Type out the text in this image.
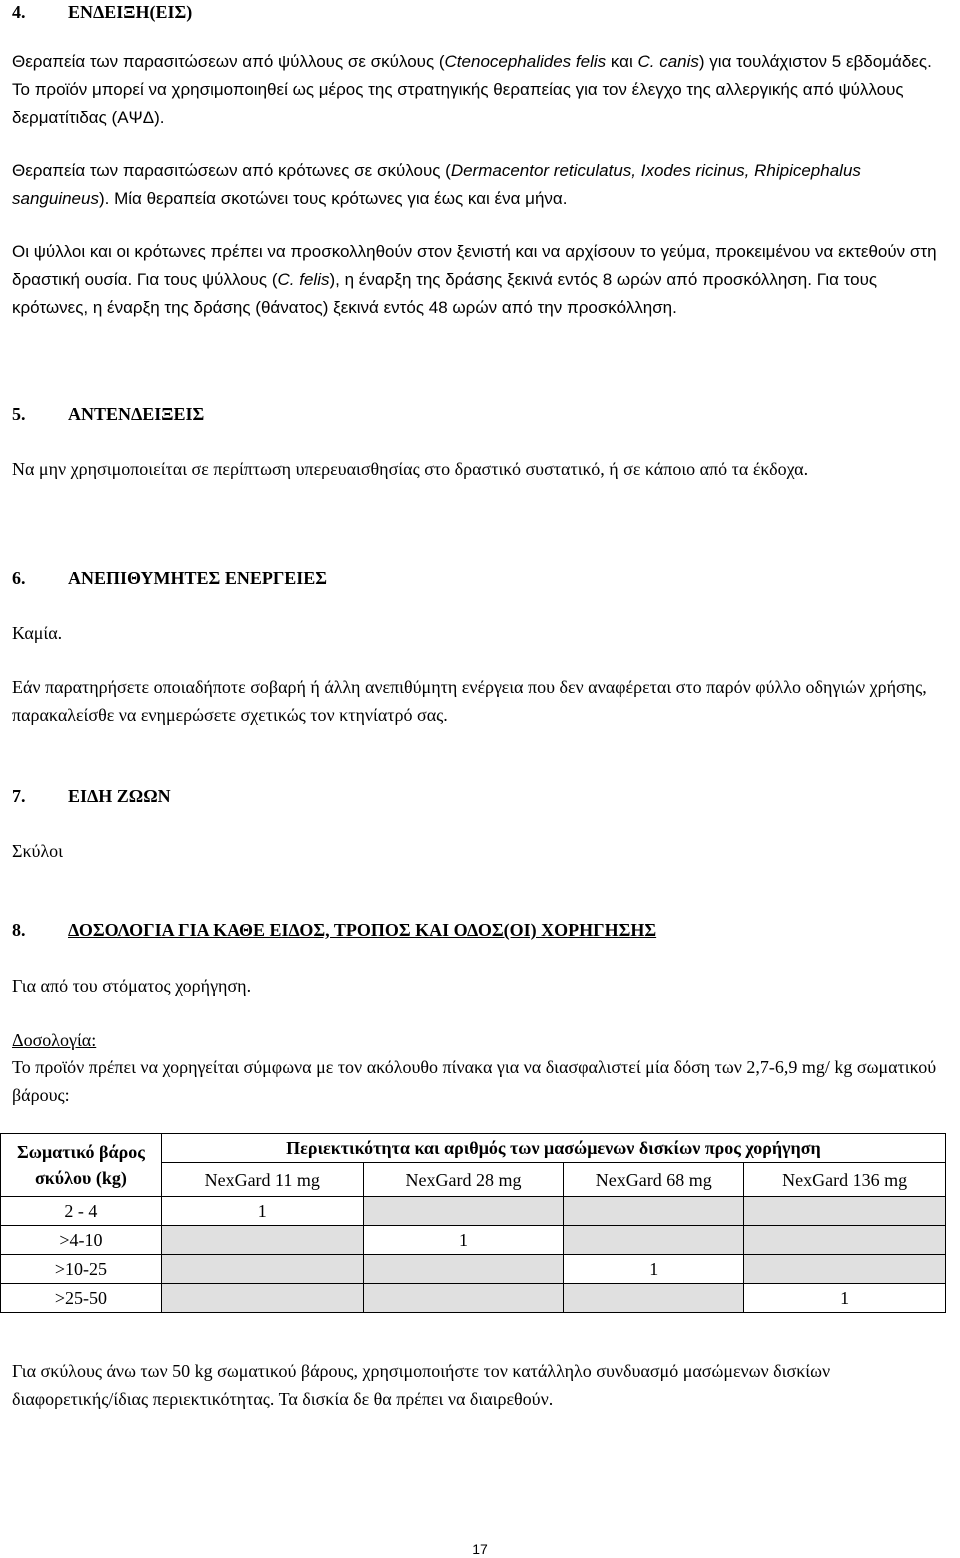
4. ΕΝΔΕΙΞΗ(ΕΙΣ)

Θεραπεία των παρασιτώσεων από ψύλλους σε σκύλους (Ctenocephalides felis και C. canis) για τουλάχιστον 5 εβδομάδες. Το προϊόν μπορεί να χρησιμοποιηθεί ως μέρος της στρατηγικής θεραπείας για τον έλεγχο της αλλεργικής από ψύλλους δερματίτιδας (ΑΨΔ).

Θεραπεία των παρασιτώσεων από κρότωνες σε σκύλους (Dermacentor reticulatus, Ixodes ricinus, Rhipicephalus sanguineus). Μία θεραπεία σκοτώνει τους κρότωνες για έως και ένα μήνα.

Οι ψύλλοι και οι κρότωνες πρέπει να προσκολληθούν στον ξενιστή και να αρχίσουν το γεύμα, προκειμένου να εκτεθούν στη δραστική ουσία. Για τους ψύλλους (C. felis), η έναρξη της δράσης ξεκινά εντός 8 ωρών από προσκόλληση. Για τους κρότωνες, η έναρξη της δράσης (θάνατος) ξεκινά εντός 48 ωρών από την προσκόλληση.

5. ΑΝΤΕΝΔΕΙΞΕΙΣ

Να μην χρησιμοποιείται σε περίπτωση υπερευαισθησίας στο δραστικό συστατικό, ή σε κάποιο από τα έκδοχα.

6. ΑΝΕΠΙΘΥΜΗΤΕΣ ΕΝΕΡΓΕΙΕΣ

Καμία.

Εάν παρατηρήσετε οποιαδήποτε σοβαρή ή άλλη ανεπιθύμητη ενέργεια που δεν αναφέρεται στο παρόν φύλλο οδηγιών χρήσης, παρακαλείσθε να ενημερώσετε σχετικώς τον κτηνίατρό σας.

7. ΕΙΔΗ ΖΩΩΝ

Σκύλοι

8. ΔΟΣΟΛΟΓΙΑ ΓΙΑ ΚΑΘΕ ΕΙΔΟΣ, ΤΡΟΠΟΣ ΚΑΙ ΟΔΟΣ(ΟΙ) ΧΟΡΗΓΗΣΗΣ

Για από του στόματος χορήγηση.

Δοσολογία:

Το προϊόν πρέπει να χορηγείται σύμφωνα με τον ακόλουθο πίνακα για να διασφαλιστεί μία δόση των 2,7-6,9 mg/ kg σωματικού βάρους:

Για σκύλους άνω των 50 kg σωματικού βάρους, χρησιμοποιήστε τον κατάλληλο συνδυασμό μασώμενων δισκίων διαφορετικής/ίδιας περιεκτικότητας. Τα δισκία δε θα πρέπει να διαιρεθούν.

Σωματικό βάρος σκύλου (kg)	Περιεκτικότητα και αριθμός των μασώμενων δισκίων προς χορήγηση			
	NexGard 11 mg	NexGard 28 mg	NexGard 68 mg	NexGard 136 mg
2 - 4	1			
>4-10		1		
>10-25			1	
>25-50				1
17
